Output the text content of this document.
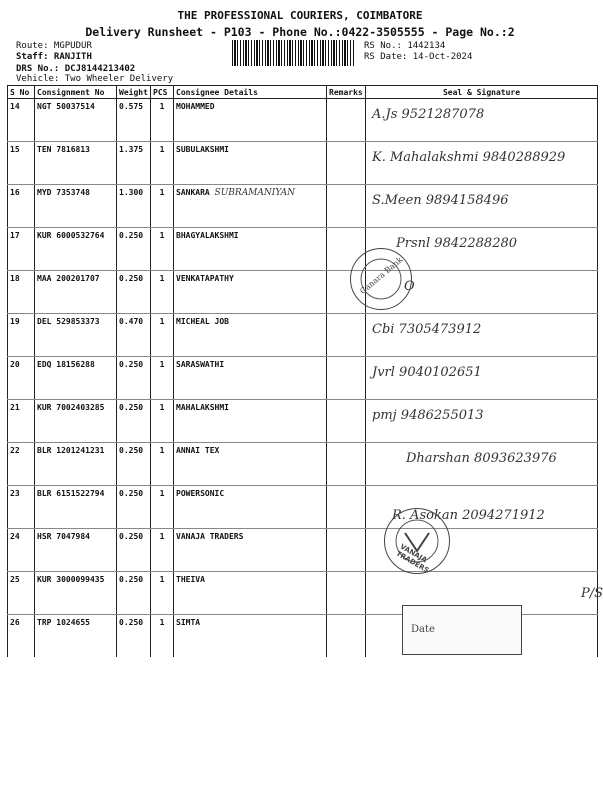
THE PROFESSIONAL COURIERS, COIMBATORE
Delivery Runsheet - P103 - Phone No.:0422-3505555 - Page No.:2
Route: MGPUDUR
Staff: RANJITH
DRS No.: DCJ8144213402
Vehicle: Two Wheeler Delivery
RS No.: 1442134
RS Date: 14-Oct-2024
S No	Consignment No	Weight	PCS	Consignee Details	Remarks	Seal & Signature
14	NGT 50037514	0.575	1	MOHAMMED		A.Js 9521287078

15	TEN 7816813	1.375	1	SUBULAKSHMI		K. Mahalakshmi 9840288929

16	MYD 7353748	1.300	1	SANKARA SUBRAMANIYAN		S.Meen 9894158496

17	KUR 6000532764	0.250	1	BHAGYALAKSHMI		Prsnl 9842288280

18	MAA 200201707	0.250	1	VENKATAPATHY		O

19	DEL 529853373	0.470	1	MICHEAL JOB		Cbi 7305473912

20	EDQ 18156288	0.250	1	SARASWATHI		Jvrl 9040102651

21	KUR 7002403285	0.250	1	MAHALAKSHMI		pmj 9486255013

22	BLR 1201241231	0.250	1	ANNAI TEX		Dharshan 8093623976

23	BLR 6151522794	0.250	1	POWERSONIC		R. Asokan 2094271912

24	HSR 7047984	0.250	1	VANAJA TRADERS		

25	KUR 3000099435	0.250	1	THEIVA		P/S

26	TRP 1024655	0.250	1	SIMTA		
Canara Bank
VANAJA TRADERS
Date
